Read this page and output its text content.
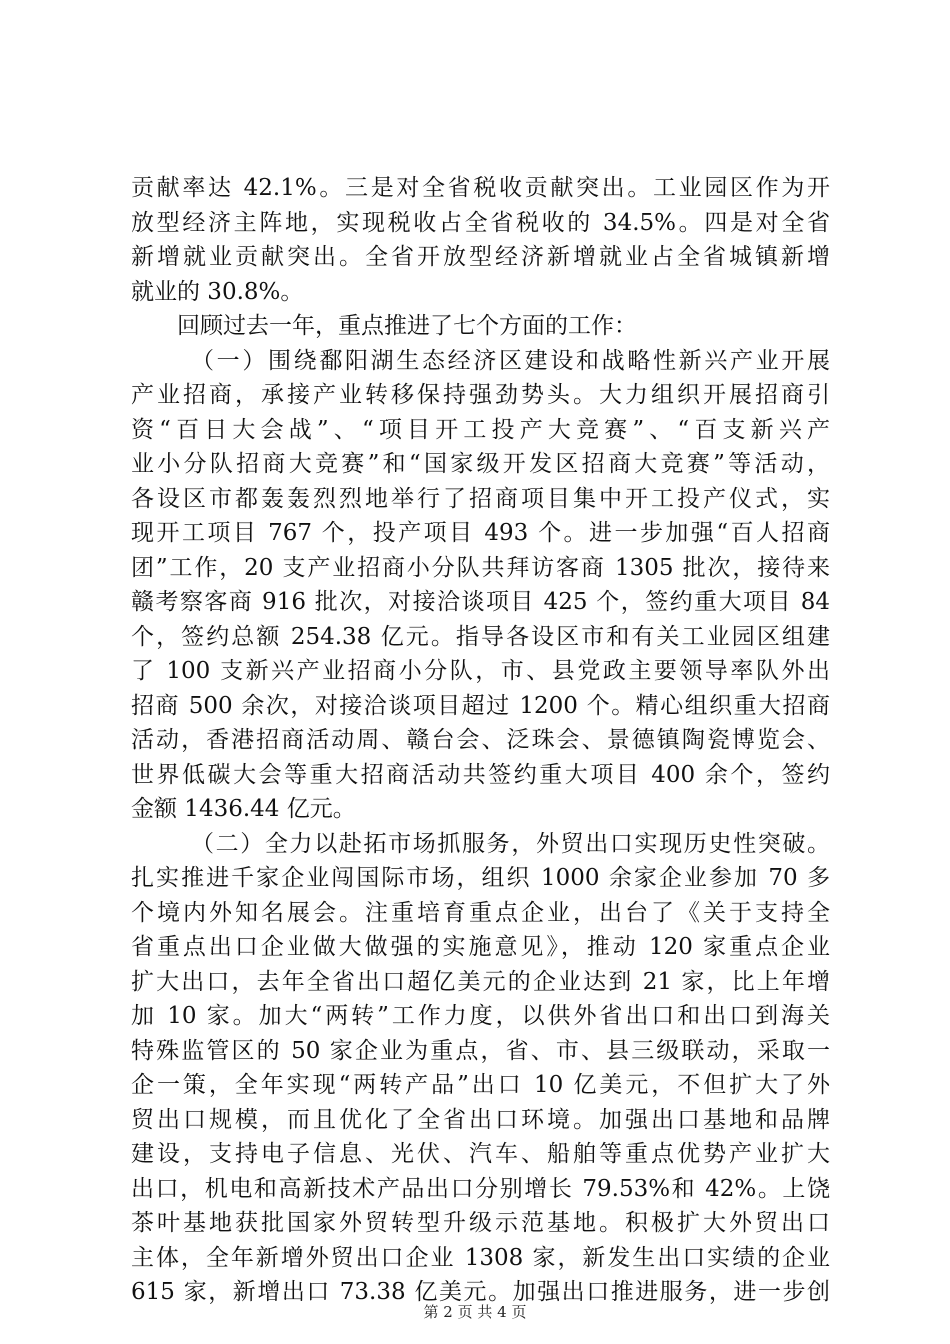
贡献率达 42.1%。三是对全省税收贡献突出。工业园区作为开
放型经济主阵地，实现税收占全省税收的 34.5%。四是对全省
新增就业贡献突出。全省开放型经济新增就业占全省城镇新增
就业的 30.8%。
回顾过去一年，重点推进了七个方面的工作：
（一）围绕鄱阳湖生态经济区建设和战略性新兴产业开展
产业招商，承接产业转移保持强劲势头。大力组织开展招商引
资“百日大会战”、“项目开工投产大竞赛”、“百支新兴产
业小分队招商大竞赛”和“国家级开发区招商大竞赛”等活动，
各设区市都轰轰烈烈地举行了招商项目集中开工投产仪式，实
现开工项目 767 个，投产项目 493 个。进一步加强“百人招商
团”工作，20 支产业招商小分队共拜访客商 1305 批次，接待来
赣考察客商 916 批次，对接洽谈项目 425 个，签约重大项目 84
个，签约总额 254.38 亿元。指导各设区市和有关工业园区组建
了 100 支新兴产业招商小分队，市、县党政主要领导率队外出
招商 500 余次，对接洽谈项目超过 1200 个。精心组织重大招商
活动，香港招商活动周、赣台会、泛珠会、景德镇陶瓷博览会、
世界低碳大会等重大招商活动共签约重大项目 400 余个，签约
金额 1436.44 亿元。
（二）全力以赴拓市场抓服务，外贸出口实现历史性突破。
扎实推进千家企业闯国际市场，组织 1000 余家企业参加 70 多
个境内外知名展会。注重培育重点企业，出台了《关于支持全
省重点出口企业做大做强的实施意见》，推动 120 家重点企业
扩大出口，去年全省出口超亿美元的企业达到 21 家，比上年增
加 10 家。加大“两转”工作力度，以供外省出口和出口到海关
特殊监管区的 50 家企业为重点，省、市、县三级联动，采取一
企一策，全年实现“两转产品”出口 10 亿美元，不但扩大了外
贸出口规模，而且优化了全省出口环境。加强出口基地和品牌
建设，支持电子信息、光伏、汽车、船舶等重点优势产业扩大
出口，机电和高新技术产品出口分别增长 79.53%和 42%。上饶
茶叶基地获批国家外贸转型升级示范基地。积极扩大外贸出口
主体，全年新增外贸出口企业 1308 家，新发生出口实绩的企业
615 家，新增出口 73.38 亿美元。加强出口推进服务，进一步创
第 2 页 共 4 页
